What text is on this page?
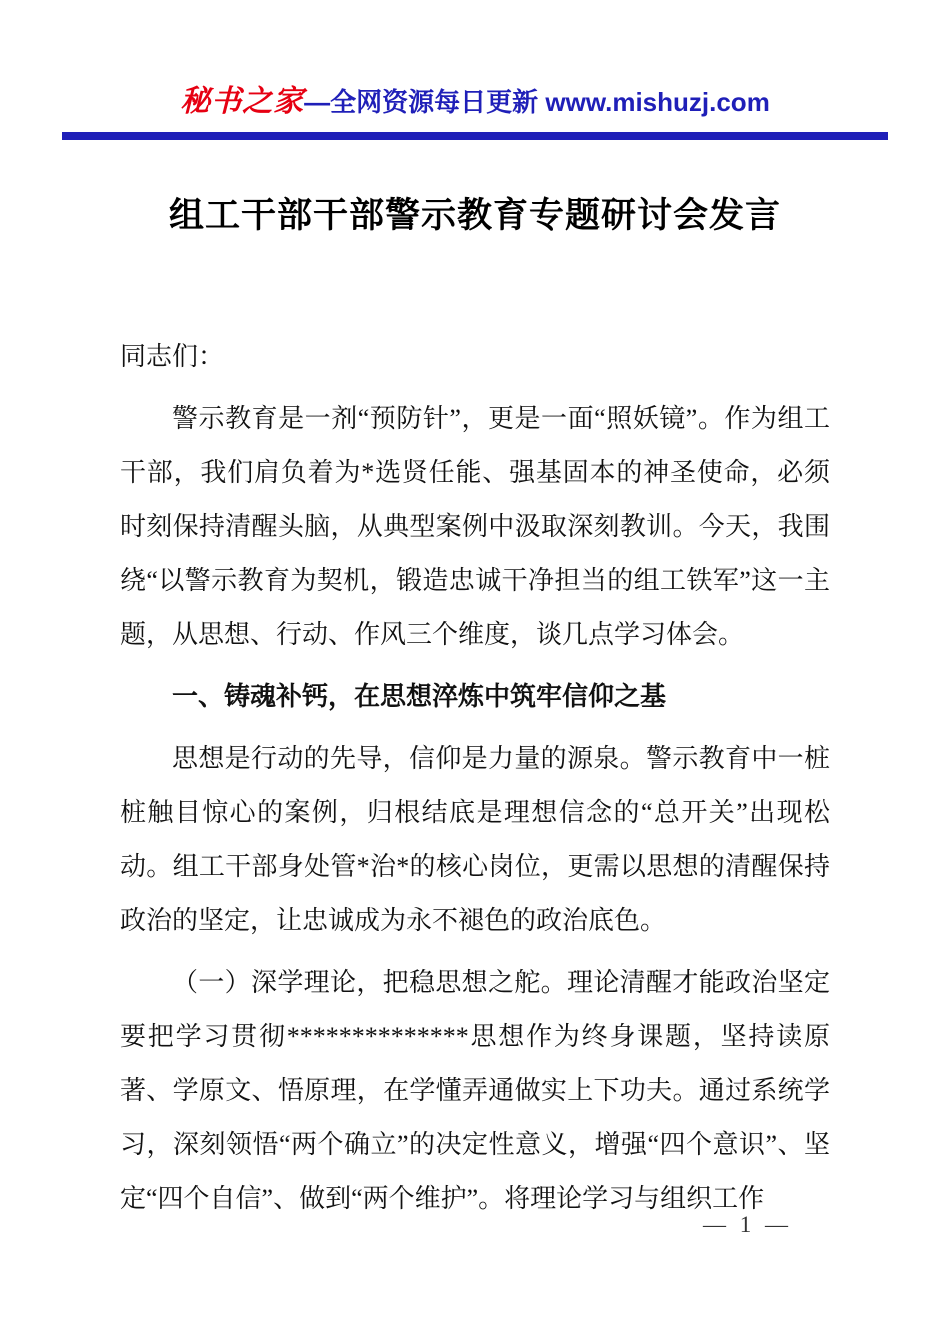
秘书之家—全网资源每日更新 www.mishuzj.com
组工干部干部警示教育专题研讨会发言

同志们：

警示教育是一剂“预防针”，更是一面“照妖镜”。作为组工干部，我们肩负着为*选贤任能、强基固本的神圣使命，必须时刻保持清醒头脑，从典型案例中汲取深刻教训。今天，我围绕“以警示教育为契机，锻造忠诚干净担当的组工铁军”这一主题，从思想、行动、作风三个维度，谈几点学习体会。

一、铸魂补钙，在思想淬炼中筑牢信仰之基

思想是行动的先导，信仰是力量的源泉。警示教育中一桩桩触目惊心的案例，归根结底是理想信念的“总开关”出现松动。组工干部身处管*治*的核心岗位，更需以思想的清醒保持政治的坚定，让忠诚成为永不褪色的政治底色。

（一）深学理论，把稳思想之舵。理论清醒才能政治坚定要把学习贯彻**************思想作为终身课题，坚持读原著、学原文、悟原理，在学懂弄通做实上下功夫。通过系统学习，深刻领悟“两个确立”的决定性意义，增强“四个意识”、坚定“四个自信”、做到“两个维护”。将理论学习与组织工作

— 1 —
